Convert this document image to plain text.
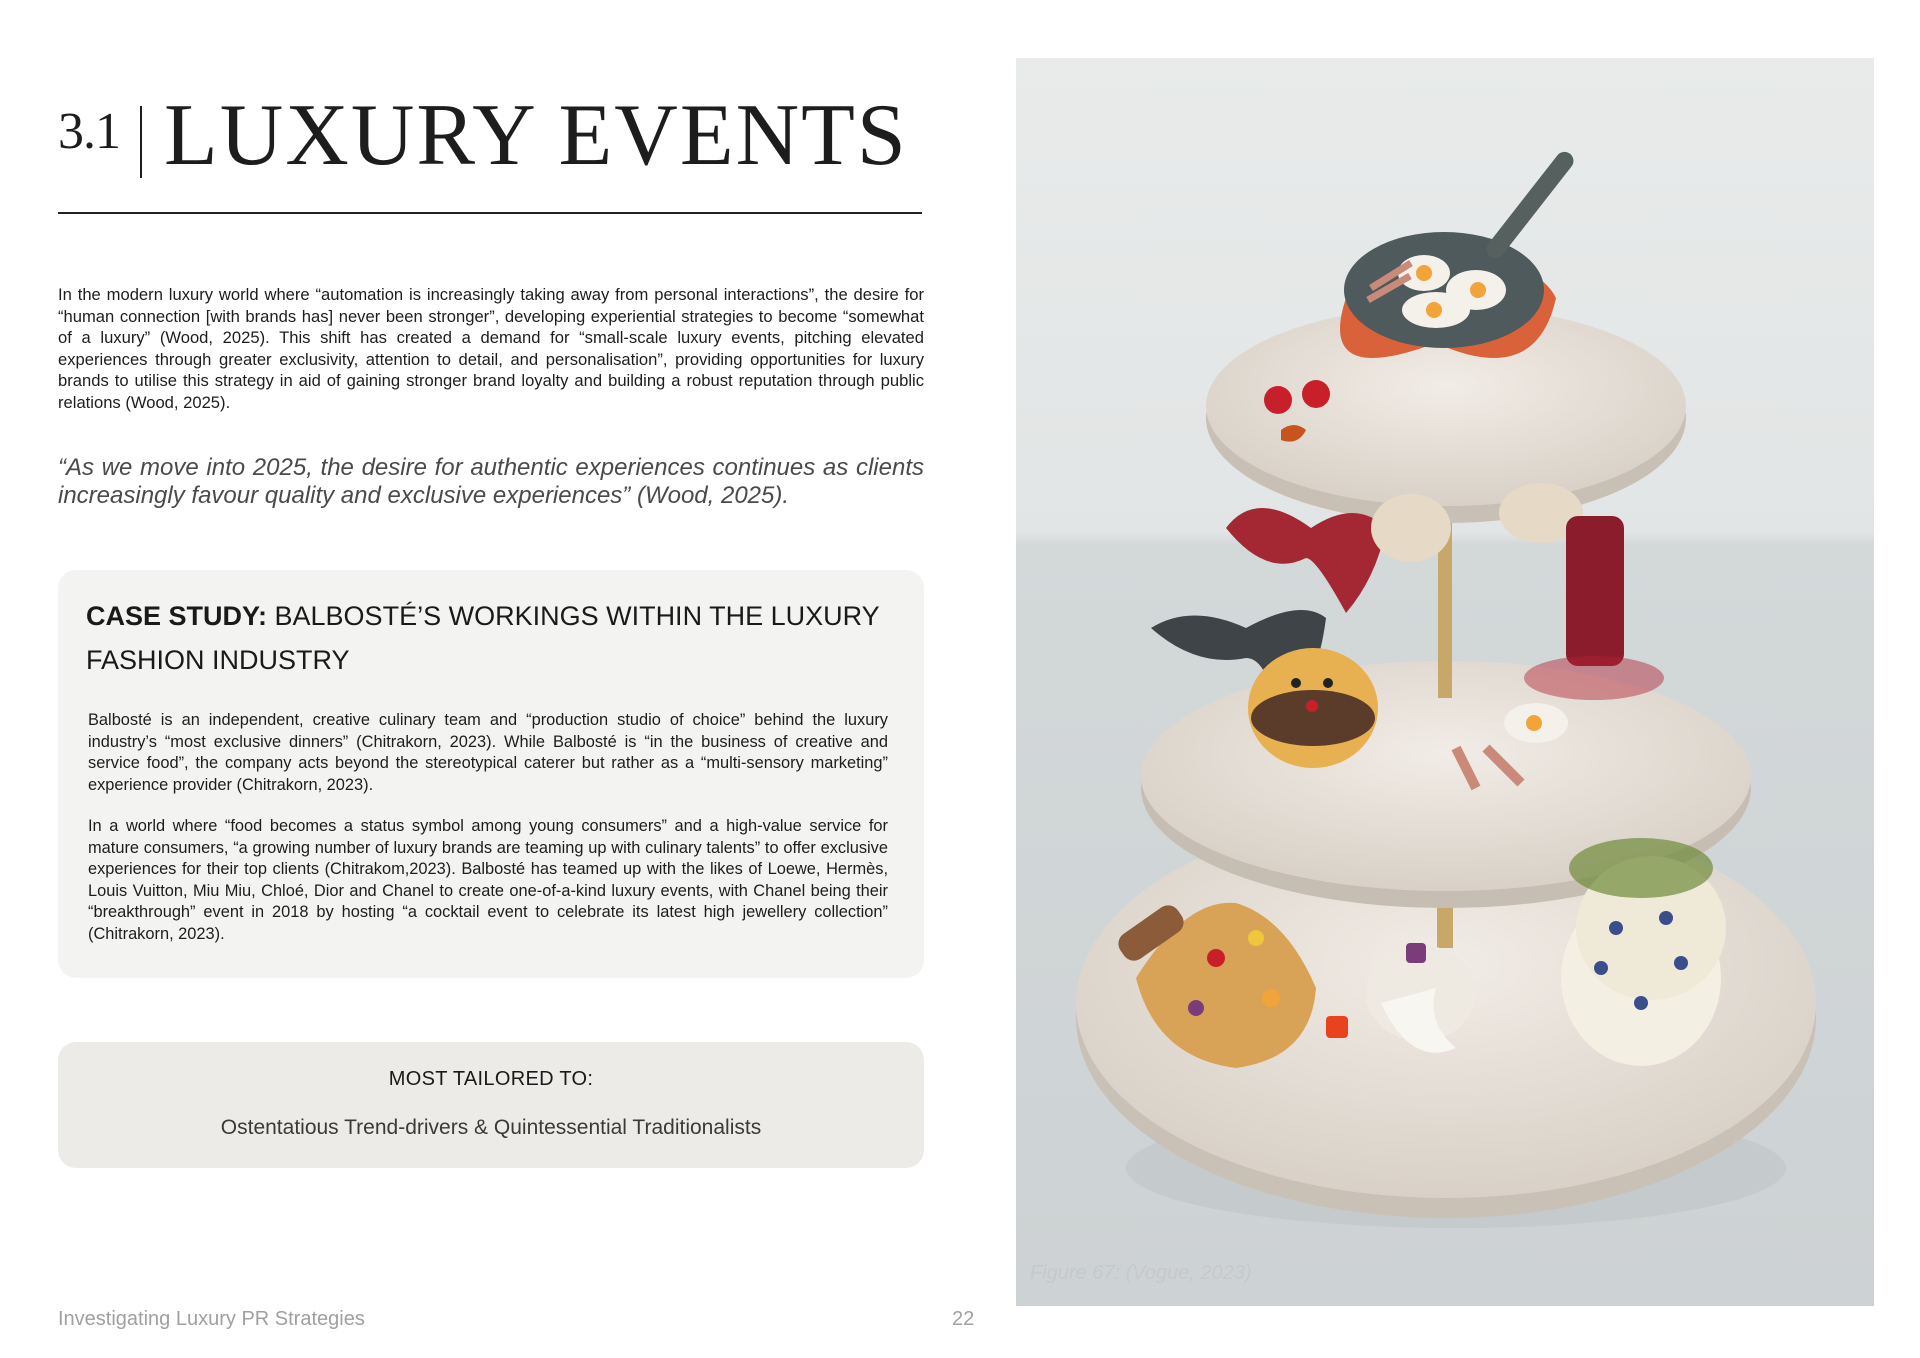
3.1 LUXURY EVENTS

In the modern luxury world where “automation is increasingly taking away from personal interactions”, the desire for “human connection [with brands has] never been stronger”, developing experiential strategies to become “somewhat of a luxury” (Wood, 2025). This shift has created a demand for “small-scale luxury events, pitching elevated experiences through greater exclusivity, attention to detail, and personalisation”, providing opportunities for luxury brands to utilise this strategy in aid of gaining stronger brand loyalty and building a robust reputation through public relations (Wood, 2025).

“As we move into 2025, the desire for authentic experiences continues as clients increasingly favour quality and exclusive experiences” (Wood, 2025).

CASE STUDY: BALBOSTÉ’S WORKINGS WITHIN THE LUXURY FASHION INDUSTRY

Balbosté is an independent, creative culinary team and “production studio of choice” behind the luxury industry’s “most exclusive dinners” (Chitrakorn, 2023). While Balbosté is “in the business of creative and service food”, the company acts beyond the stereotypical caterer but rather as a “multi-sensory marketing” experience provider (Chitrakorn, 2023).

In a world where “food becomes a status symbol among young consumers” and a high-value service for mature consumers, “a growing number of luxury brands are teaming up with culinary talents” to offer exclusive experiences for their top clients (Chitrakom,2023). Balbosté has teamed up with the likes of Loewe, Hermès, Louis Vuitton, Miu Miu, Chloé, Dior and Chanel to create one-of-a-kind luxury events, with Chanel being their “breakthrough” event in 2018 by hosting “a cocktail event to celebrate its latest high jewellery collection” (Chitrakorn, 2023).

MOST TAILORED TO:

Ostentatious Trend-drivers & Quintessential Traditionalists

Figure 67: (Vogue, 2023)
Investigating Luxury PR Strategies	22
